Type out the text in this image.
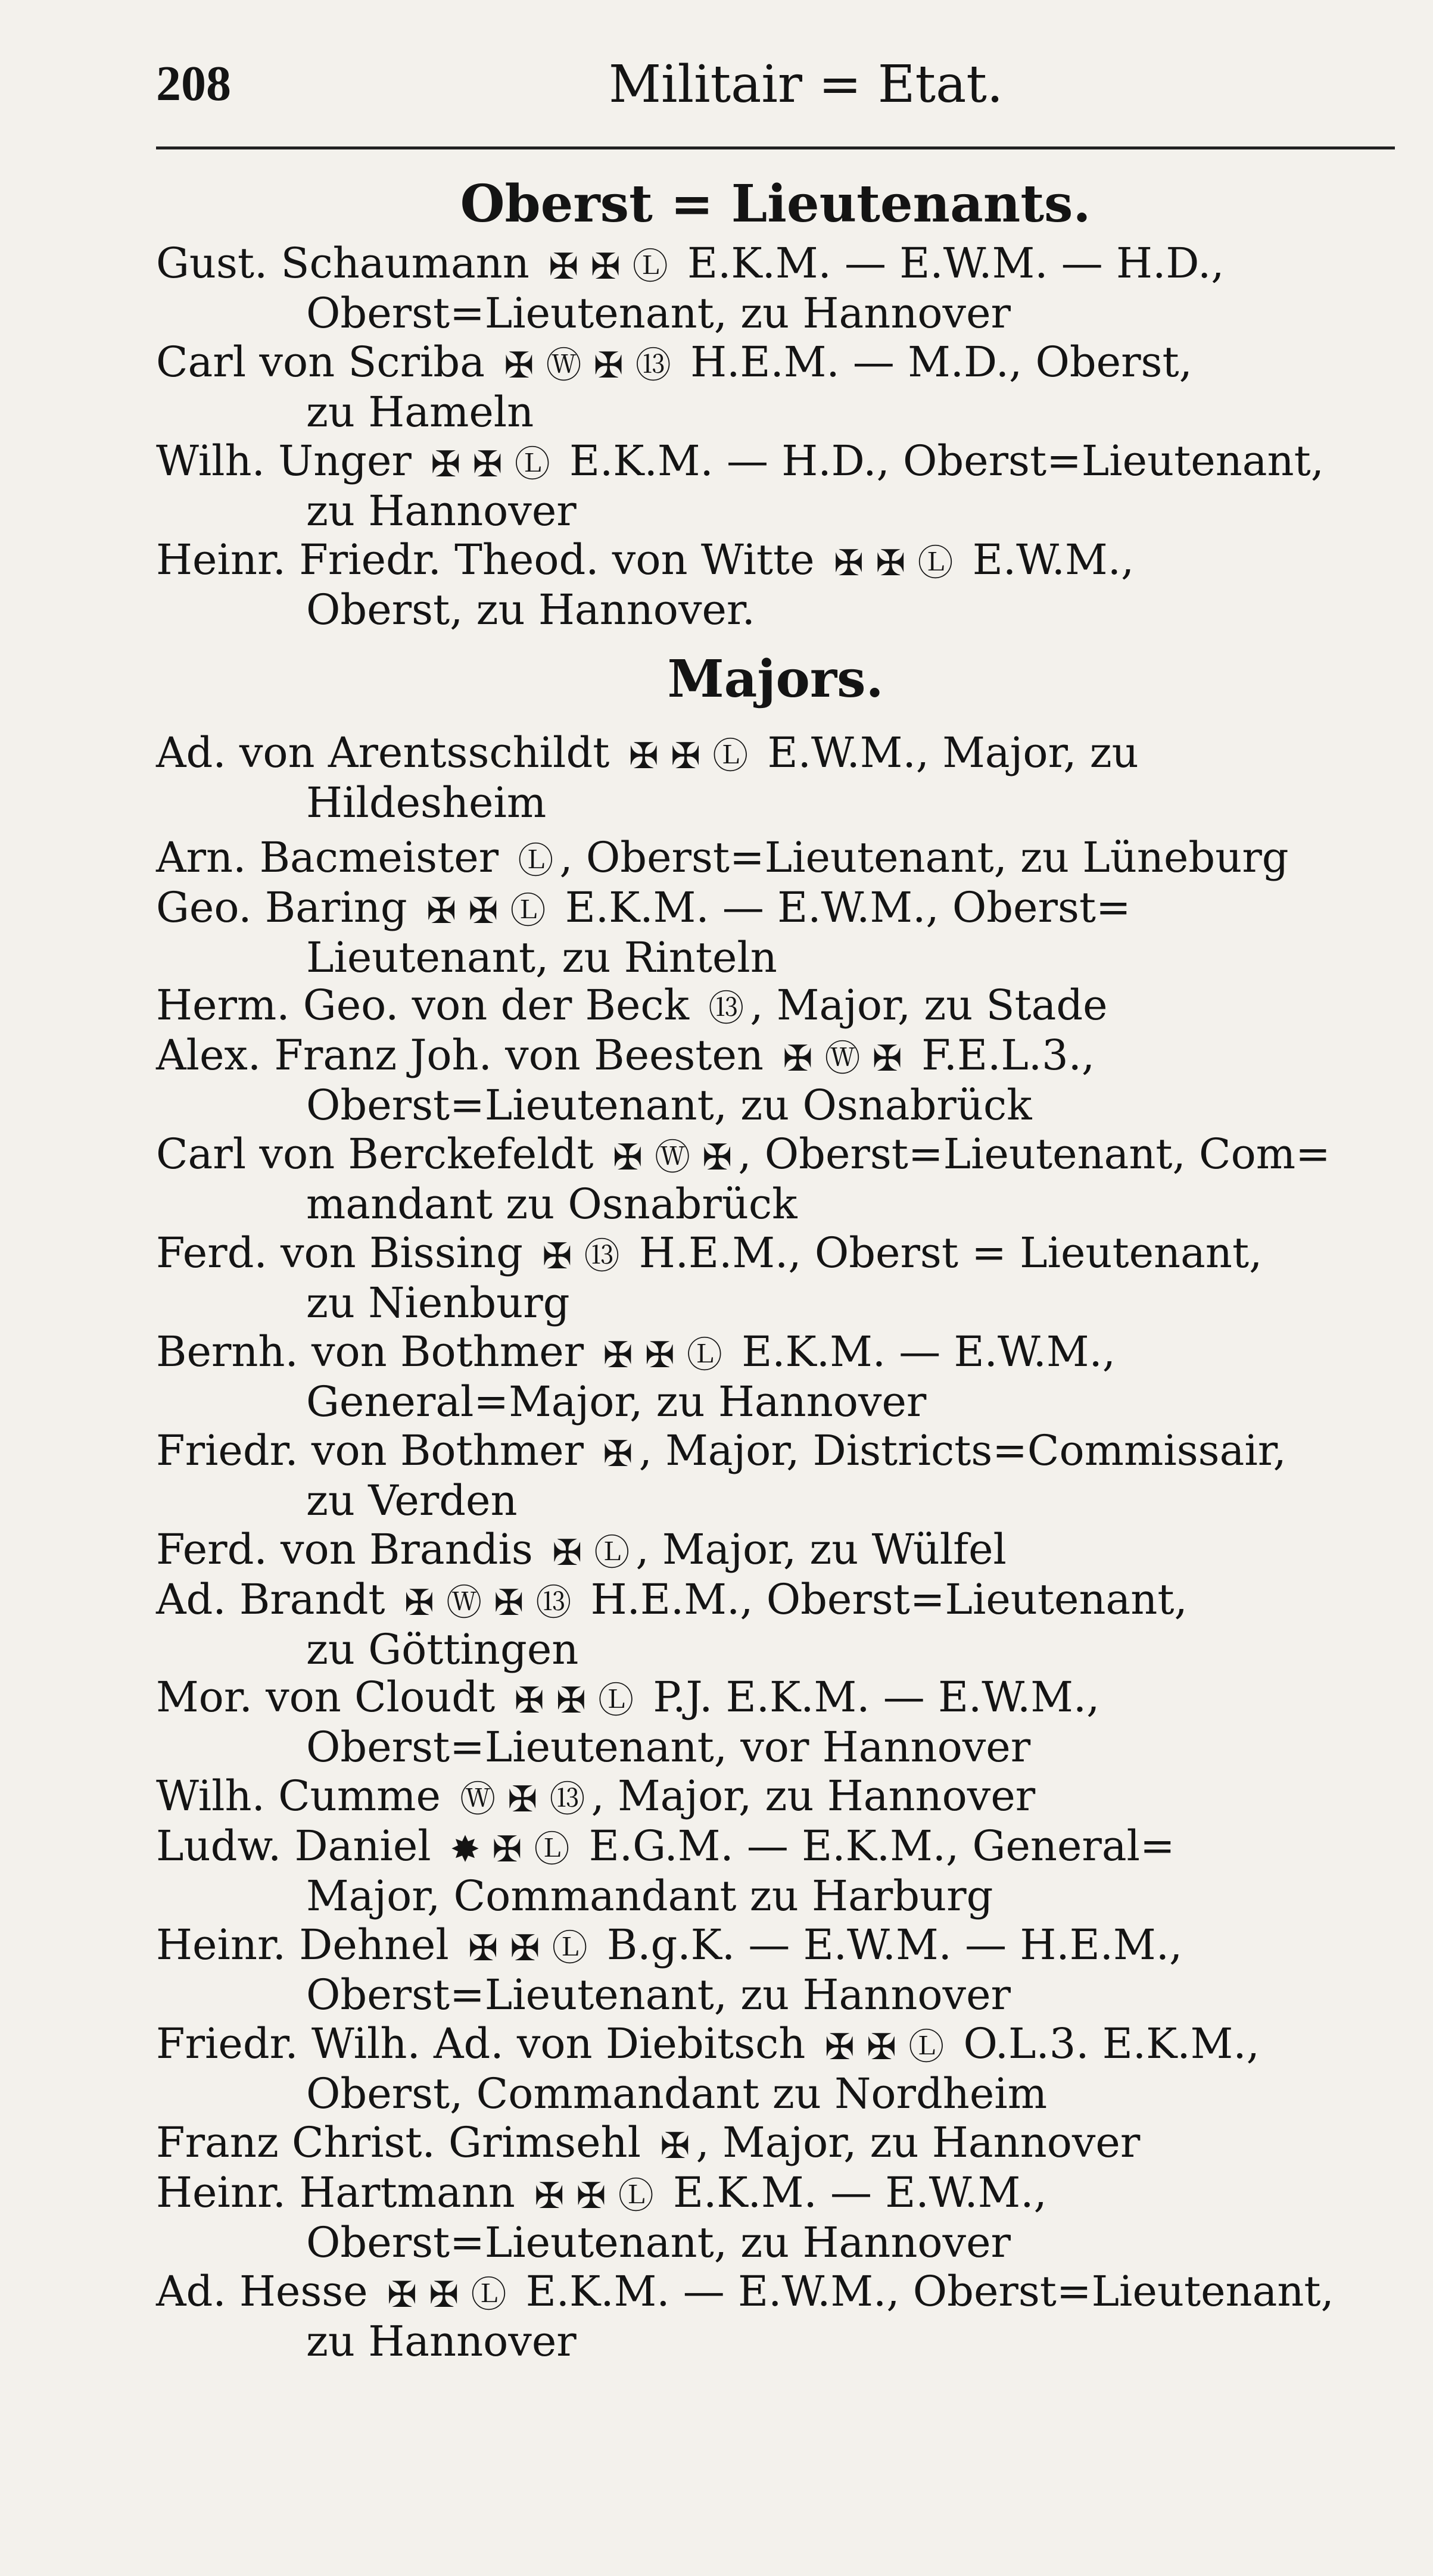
208	Militair = Etat.
Oberst = Lieutenants.
Gust. Schaumann ✠ ✠ Ⓛ E.K.M. — E.W.M. — H.D.,
Oberst=Lieutenant, zu Hannover
Carl von Scriba ✠ Ⓦ ✠ ⑬ H.E.M. — M.D., Oberst,
zu Hameln
Wilh. Unger ✠ ✠ Ⓛ E.K.M. — H.D., Oberst=Lieutenant,
zu Hannover
Heinr. Friedr. Theod. von Witte ✠ ✠ Ⓛ E.W.M.,
Oberst, zu Hannover.
Majors.
Ad. von Arentsschildt ✠ ✠ Ⓛ E.W.M., Major, zu
Hildesheim
Arn. Bacmeister Ⓛ , Oberst=Lieutenant, zu Lüneburg
Geo. Baring ✠ ✠ Ⓛ E.K.M. — E.W.M., Oberst=
Lieutenant, zu Rinteln
Herm. Geo. von der Beck ⑬ , Major, zu Stade
Alex. Franz Joh. von Beesten ✠ Ⓦ ✠ F.E.L.3.,
Oberst=Lieutenant, zu Osnabrück
Carl von Berckefeldt ✠ Ⓦ ✠ , Oberst=Lieutenant, Com=
mandant zu Osnabrück
Ferd. von Bissing ✠ ⑬ H.E.M., Oberst = Lieutenant,
zu Nienburg
Bernh. von Bothmer ✠ ✠ Ⓛ E.K.M. — E.W.M.,
General=Major, zu Hannover
Friedr. von Bothmer ✠ , Major, Districts=Commissair,
zu Verden
Ferd. von Brandis ✠ Ⓛ , Major, zu Wülfel
Ad. Brandt ✠ Ⓦ ✠ ⑬ H.E.M., Oberst=Lieutenant,
zu Göttingen
Mor. von Cloudt ✠ ✠ Ⓛ P.J. E.K.M. — E.W.M.,
Oberst=Lieutenant, vor Hannover
Wilh. Cumme Ⓦ ✠ ⑬ , Major, zu Hannover
Ludw. Daniel ✸ ✠ Ⓛ E.G.M. — E.K.M., General=
Major, Commandant zu Harburg
Heinr. Dehnel ✠ ✠ Ⓛ B.g.K. — E.W.M. — H.E.M.,
Oberst=Lieutenant, zu Hannover
Friedr. Wilh. Ad. von Diebitsch ✠ ✠ Ⓛ O.L.3. E.K.M.,
Oberst, Commandant zu Nordheim
Franz Christ. Grimsehl ✠ , Major, zu Hannover
Heinr. Hartmann ✠ ✠ Ⓛ E.K.M. — E.W.M.,
Oberst=Lieutenant, zu Hannover
Ad. Hesse ✠ ✠ Ⓛ E.K.M. — E.W.M., Oberst=Lieutenant,
zu Hannover
